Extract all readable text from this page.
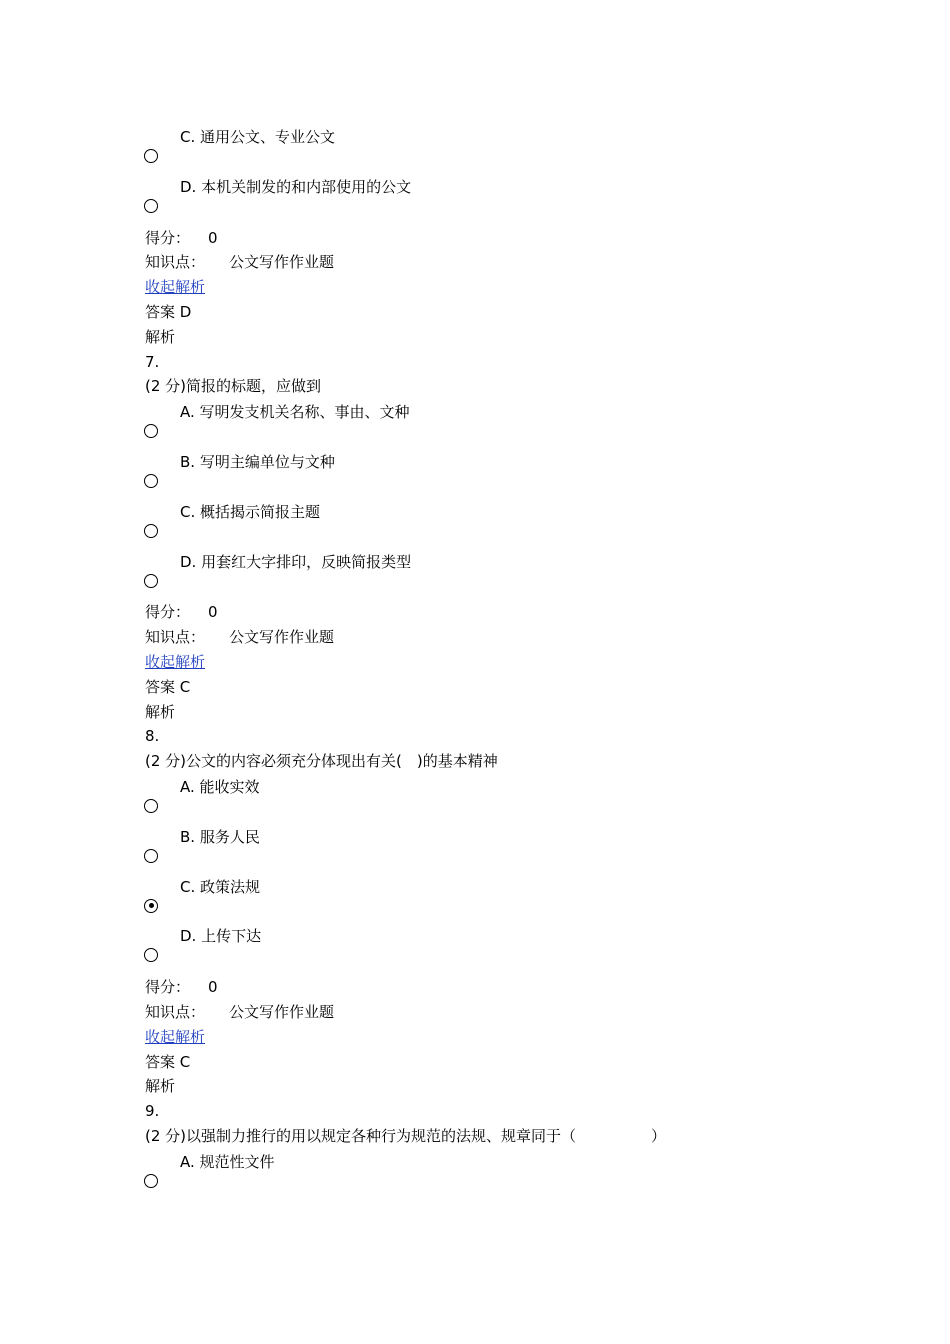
C. 通用公文、专业公文
D. 本机关制发的和内部使用的公文
得分： 0
知识点： 公文写作作业题
收起解析
答案 D
解析
7.
(2 分)简报的标题，应做到
A. 写明发支机关名称、事由、文种
B. 写明主编单位与文种
C. 概括揭示简报主题
D. 用套红大字排印，反映简报类型
得分： 0
知识点： 公文写作作业题
收起解析
答案 C
解析
8.
(2 分)公文的内容必须充分体现出有关(　)的基本精神
A. 能收实效
B. 服务人民
C. 政策法规
D. 上传下达
得分： 0
知识点： 公文写作作业题
收起解析
答案 C
解析
9.
(2 分)以强制力推行的用以规定各种行为规范的法规、规章同于（　　　　　）
A. 规范性文件
